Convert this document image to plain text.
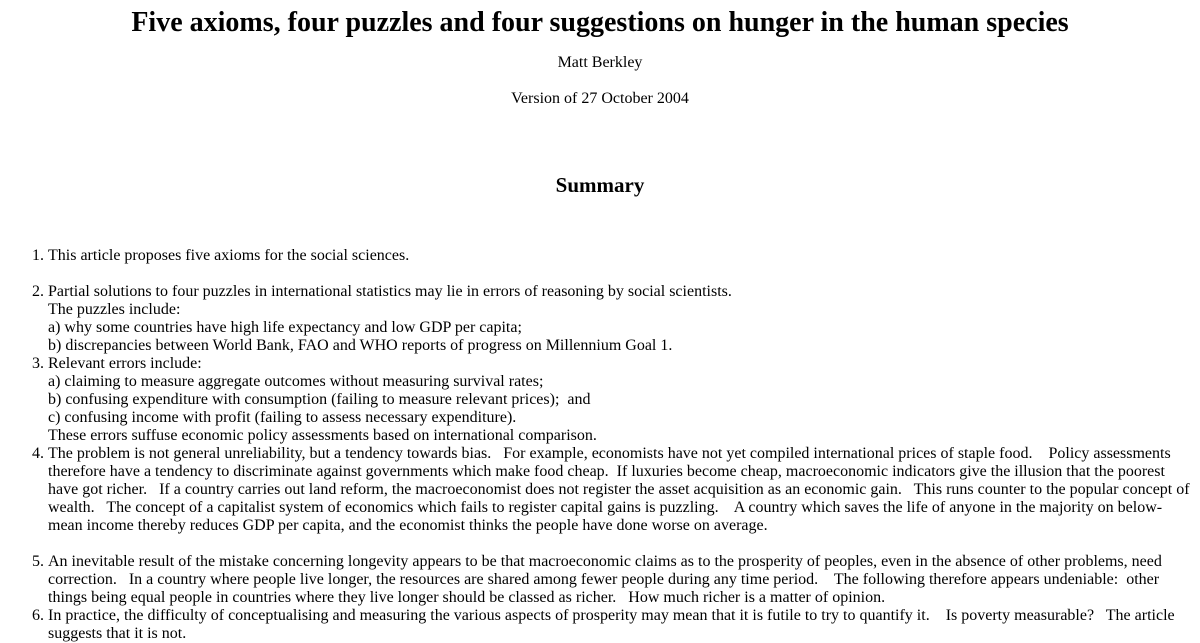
Five axioms, four puzzles and four suggestions on hunger in the human species
Matt Berkley
Version of 27 October 2004
Summary
1. This article proposes five axioms for the social sciences.
2. Partial solutions to four puzzles in international statistics may lie in errors of reasoning by social scientists.
The puzzles include:
a) why some countries have high life expectancy and low GDP per capita;
b) discrepancies between World Bank, FAO and WHO reports of progress on Millennium Goal 1.
3. Relevant errors include:
a) claiming to measure aggregate outcomes without measuring survival rates;
b) confusing expenditure with consumption (failing to measure relevant prices);  and
c) confusing income with profit (failing to assess necessary expenditure).
These errors suffuse economic policy assessments based on international comparison.
4. The problem is not general unreliability, but a tendency towards bias.   For example, economists have not yet compiled international prices of staple food.    Policy assessments therefore have a tendency to discriminate against governments which make food cheap.  If luxuries become cheap, macroeconomic indicators give the illusion that the poorest have got richer.   If a country carries out land reform, the macroeconomist does not register the asset acquisition as an economic gain.   This runs counter to the popular concept of wealth.   The concept of a capitalist system of economics which fails to register capital gains is puzzling.    A country which saves the life of anyone in the majority on below-mean income thereby reduces GDP per capita, and the economist thinks the people have done worse on average.
5. An inevitable result of the mistake concerning longevity appears to be that macroeconomic claims as to the prosperity of peoples, even in the absence of other problems, need correction.   In a country where people live longer, the resources are shared among fewer people during any time period.    The following therefore appears undeniable:  other things being equal people in countries where they live longer should be classed as richer.   How much richer is a matter of opinion.
6. In practice, the difficulty of conceptualising and measuring the various aspects of prosperity may mean that it is futile to try to quantify it.    Is poverty measurable?   The article suggests that it is not.
